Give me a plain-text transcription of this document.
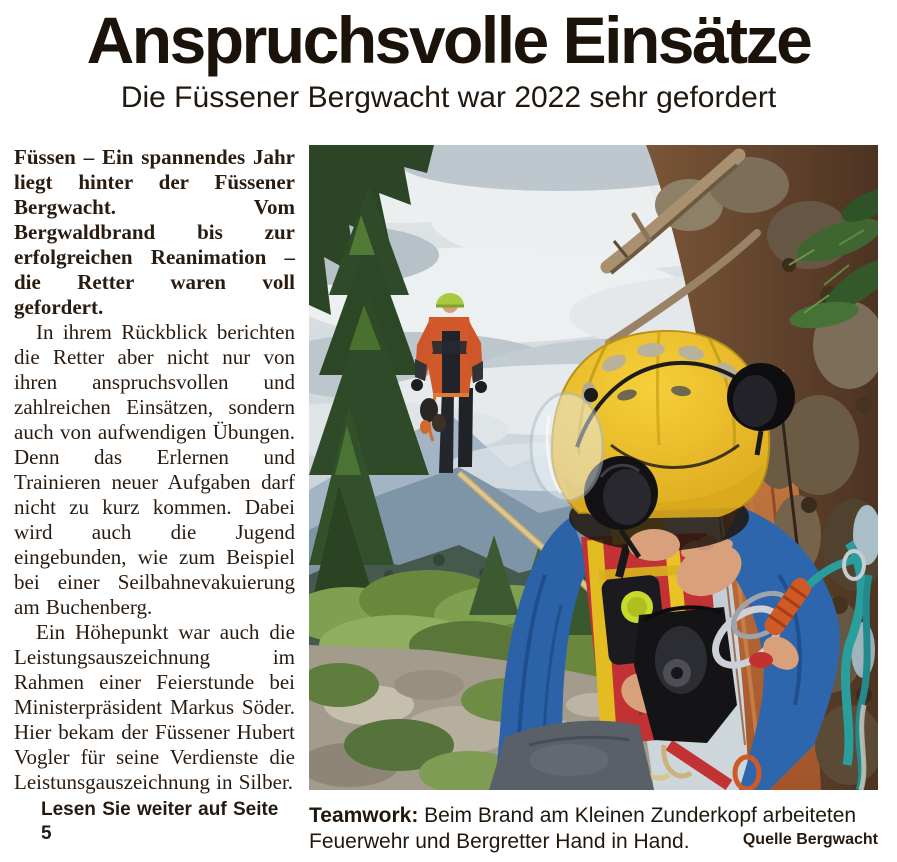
Anspruchsvolle Einsätze
Die Füssener Bergwacht war 2022 sehr gefordert

Füssen – Ein spannendes Jahr liegt hinter der Füssener Bergwacht. Vom Bergwaldbrand bis zur erfolgreichen Reanimation – die Retter waren voll gefordert.

In ihrem Rückblick berichten die Retter aber nicht nur von ihren anspruchsvollen und zahlreichen Einsätzen, sondern auch von aufwendigen Übungen. Denn das Erlernen und Trainieren neuer Aufgaben darf nicht zu kurz kommen. Dabei wird auch die Jugend eingebunden, wie zum Beispiel bei einer Seilbahnevakuierung am Buchenberg.

Ein Höhepunkt war auch die Leistungsauszeichnung im Rahmen einer Feierstunde bei Ministerpräsident Markus Söder. Hier bekam der Füssener Hubert Vogler für seine Verdienste die Leistunsgauszeichnung in Silber.

Lesen Sie weiter auf Seite 5

Teamwork: Beim Brand am Kleinen Zunderkopf arbeiteten Feuerwehr und Bergretter Hand in Hand.	Quelle Bergwacht
